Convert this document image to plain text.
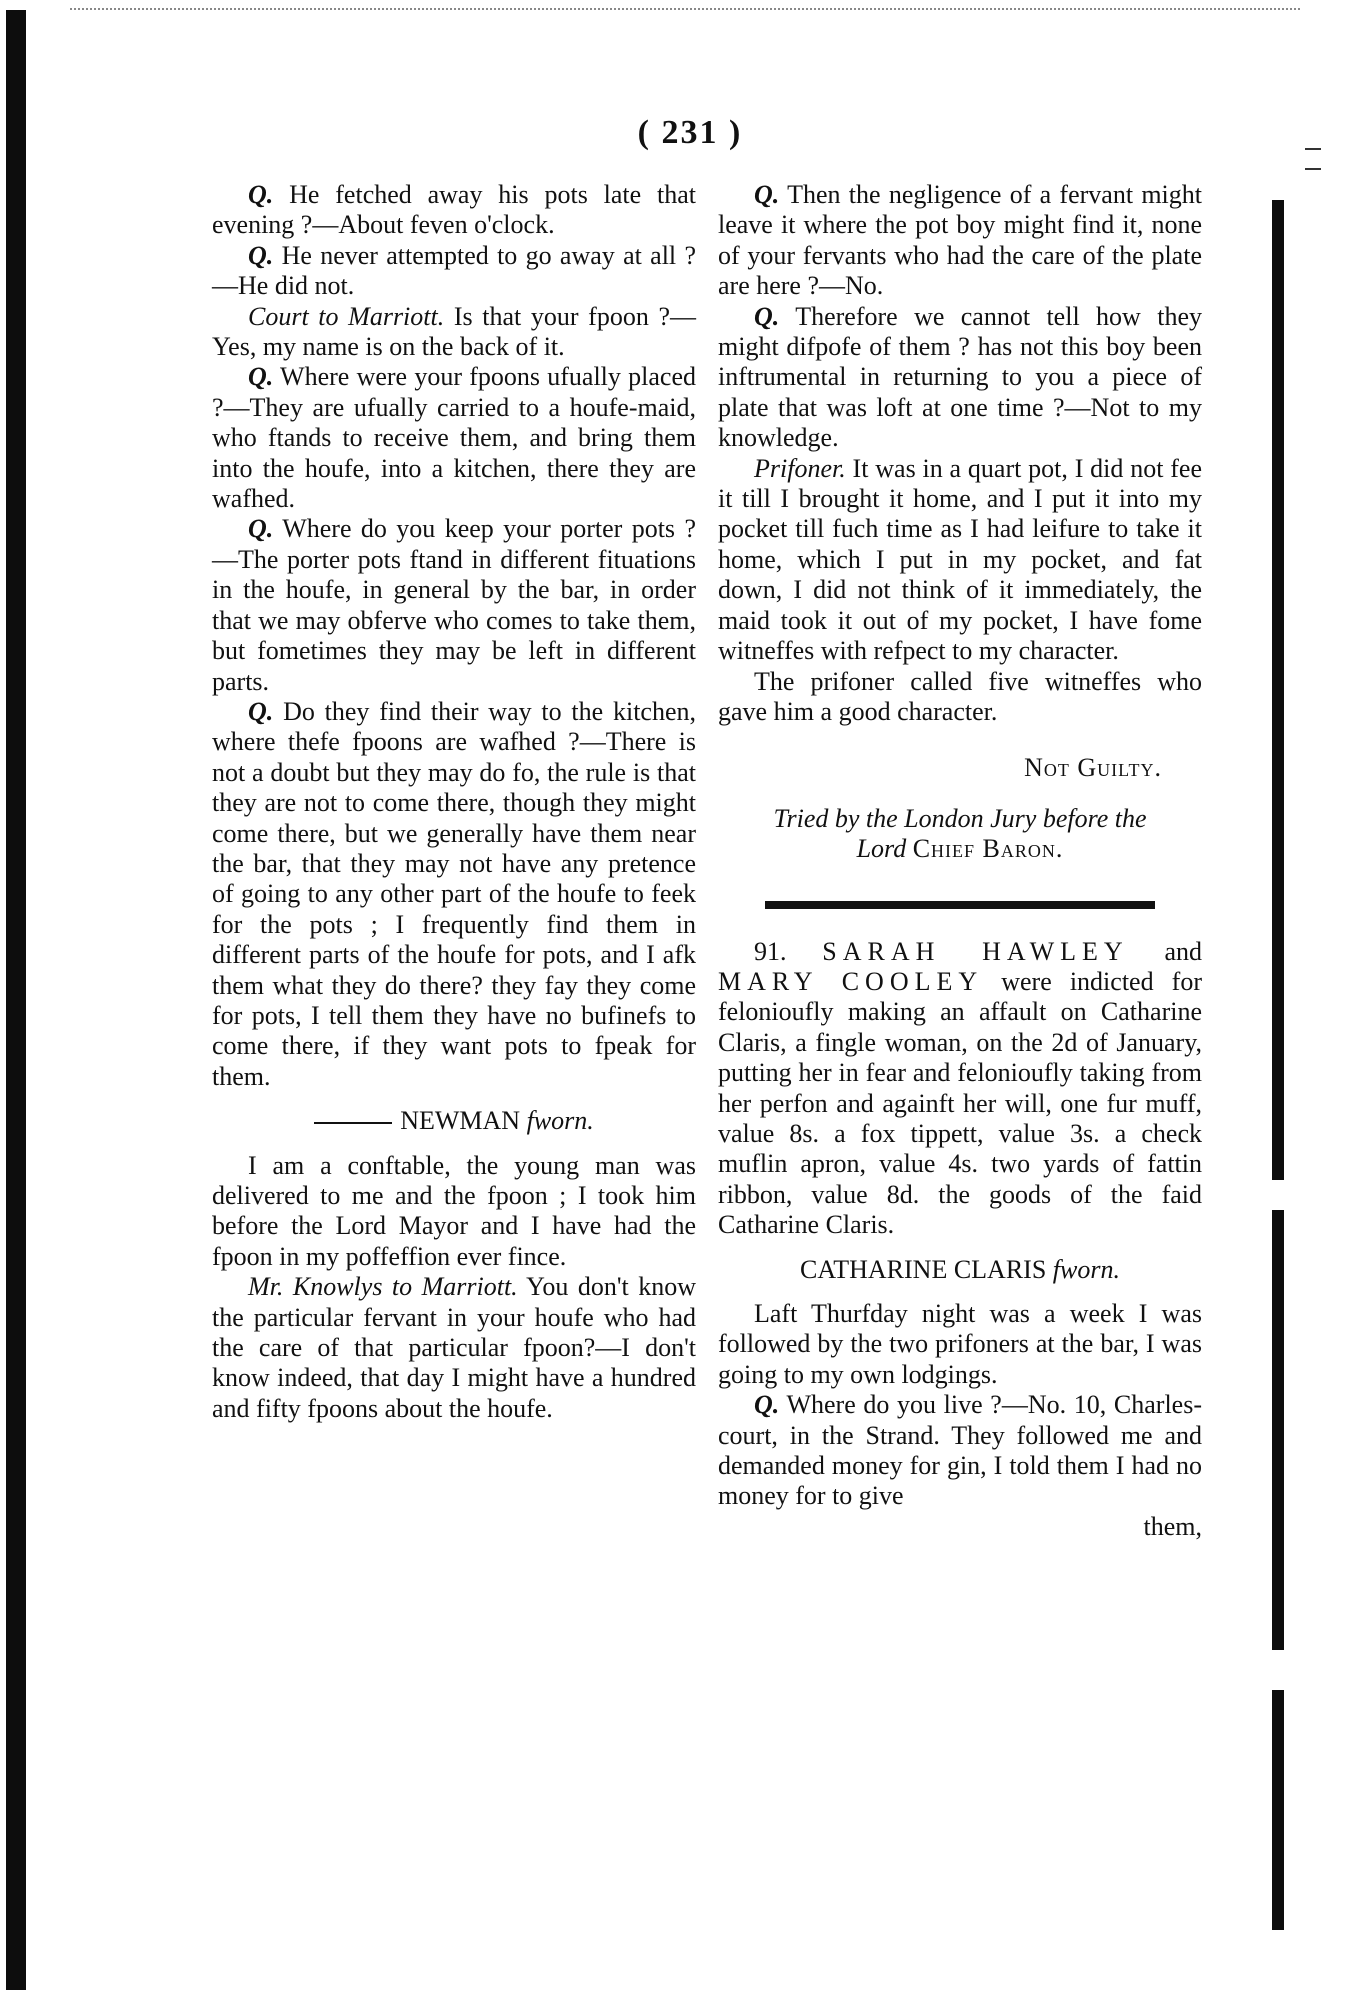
( 231 )

Q. He fetched away his pots late that evening ?—About feven o'clock.

Q. He never attempted to go away at all ?—He did not.

Court to Marriott. Is that your fpoon ?—Yes, my name is on the back of it.

Q. Where were your fpoons ufually placed ?—They are ufually carried to a houfe-maid, who ftands to receive them, and bring them into the houfe, into a kitchen, there they are wafhed.

Q. Where do you keep your porter pots ?—The porter pots ftand in different fituations in the houfe, in general by the bar, in order that we may obferve who comes to take them, but fometimes they may be left in different parts.

Q. Do they find their way to the kitchen, where thefe fpoons are wafhed ?—There is not a doubt but they may do fo, the rule is that they are not to come there, though they might come there, but we generally have them near the bar, that they may not have any pretence of going to any other part of the houfe to feek for the pots ; I frequently find them in different parts of the houfe for pots, and I afk them what they do there? they fay they come for pots, I tell them they have no bufinefs to come there, if they want pots to fpeak for them.

NEWMAN fworn.

I am a conftable, the young man was delivered to me and the fpoon ; I took him before the Lord Mayor and I have had the fpoon in my poffeffion ever fince.

Mr. Knowlys to Marriott. You don't know the particular fervant in your houfe who had the care of that particular fpoon?—I don't know indeed, that day I might have a hundred and fifty fpoons about the houfe.

Q. Then the negligence of a fervant might leave it where the pot boy might find it, none of your fervants who had the care of the plate are here ?—No.

Q. Therefore we cannot tell how they might difpofe of them ? has not this boy been inftrumental in returning to you a piece of plate that was loft at one time ?—Not to my knowledge.

Prifoner. It was in a quart pot, I did not fee it till I brought it home, and I put it into my pocket till fuch time as I had leifure to take it home, which I put in my pocket, and fat down, I did not think of it immediately, the maid took it out of my pocket, I have fome witneffes with refpect to my character.

The prifoner called five witneffes who gave him a good character.

Not Guilty.

Tried by the London Jury before the
Lord Chief Baron.

91. SARAH HAWLEY and MARY COOLEY were indicted for felonioufly making an affault on Catharine Claris, a fingle woman, on the 2d of January, putting her in fear and felonioufly taking from her perfon and againft her will, one fur muff, value 8s. a fox tippett, value 3s. a check muflin apron, value 4s. two yards of fattin ribbon, value 8d. the goods of the faid Catharine Claris.

CATHARINE CLARIS fworn.

Laft Thurfday night was a week I was followed by the two prifoners at the bar, I was going to my own lodgings.

Q. Where do you live ?—No. 10, Charles-court, in the Strand. They followed me and demanded money for gin, I told them I had no money for to give

them,
